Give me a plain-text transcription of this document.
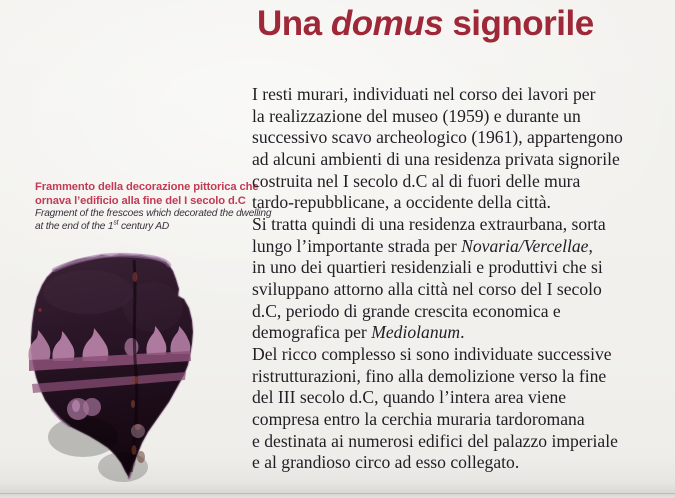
Una domus signorile
Frammento della decorazione pittorica che
ornava l’edificio alla fine del I secolo d.C
Fragment of the frescoes which decorated the dwelling
at the end of the 1st century AD
I resti murari, individuati nel corso dei lavori per
la realizzazione del museo (1959) e durante un
successivo scavo archeologico (1961), appartengono
ad alcuni ambienti di una residenza privata signorile
costruita nel I secolo d.C al di fuori delle mura
tardo-repubblicane, a occidente della città.
Si tratta quindi di una residenza extraurbana, sorta
lungo l’importante strada per Novaria/Vercellae,
in uno dei quartieri residenziali e produttivi che si
sviluppano attorno alla città nel corso del I secolo
d.C, periodo di grande crescita economica e
demografica per Mediolanum.
Del ricco complesso si sono individuate successive
ristrutturazioni, fino alla demolizione verso la fine
del III secolo d.C, quando l’intera area viene
compresa entro la cerchia muraria tardoromana
e destinata ai numerosi edifici del palazzo imperiale
e al grandioso circo ad esso collegato.
